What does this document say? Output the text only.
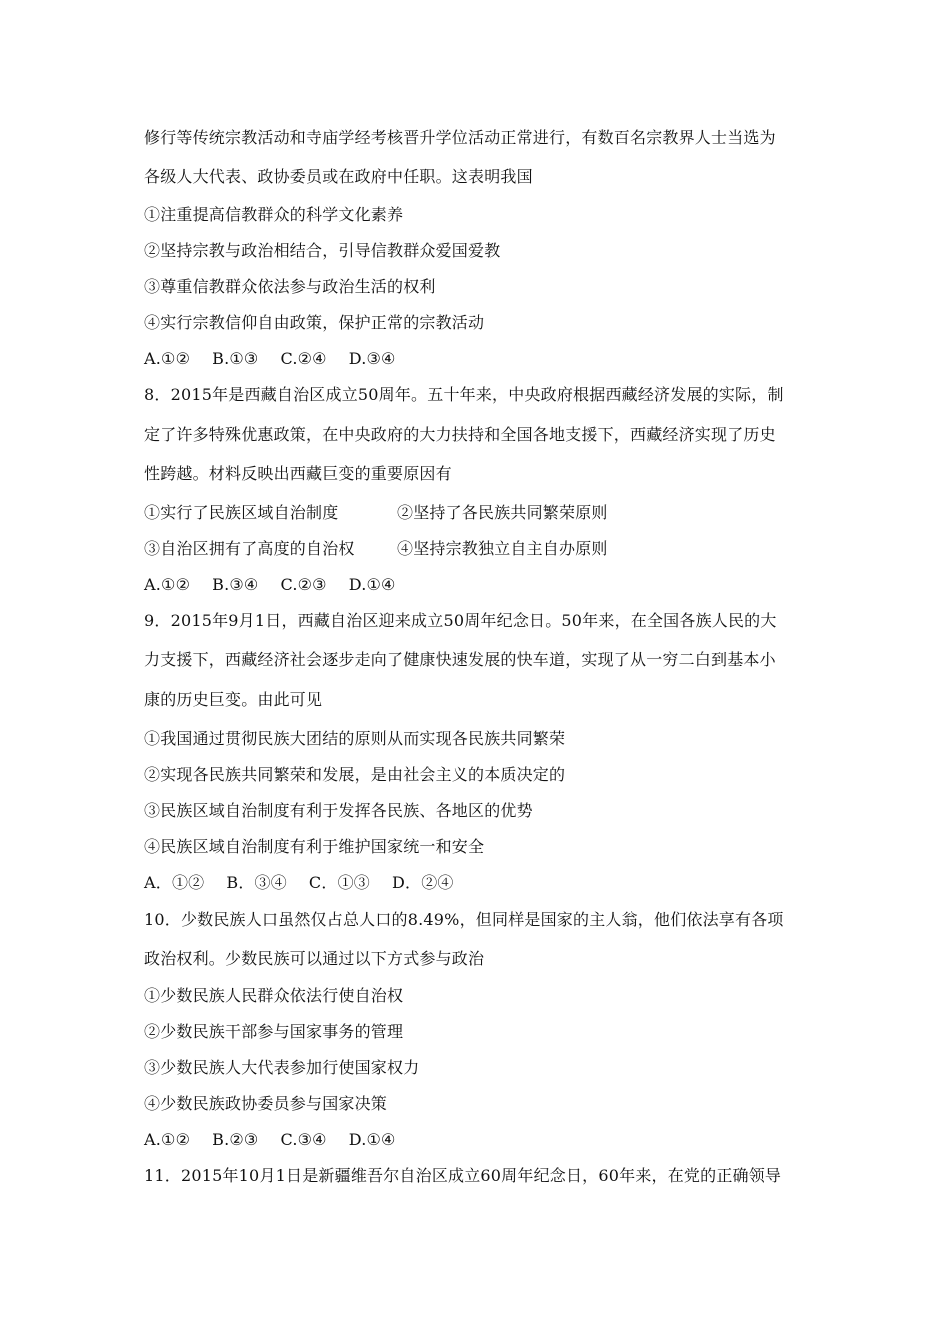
修行等传统宗教活动和寺庙学经考核晋升学位活动正常进行，有数百名宗教界人士当选为
各级人大代表、政协委员或在政府中任职。这表明我国
①注重提高信教群众的科学文化素养
②坚持宗教与政治相结合，引导信教群众爱国爱教
③尊重信教群众依法参与政治生活的权利
④实行宗教信仰自由政策，保护正常的宗教活动
A.①② B.①③ C.②④ D.③④
8．2015年是西藏自治区成立50周年。五十年来，中央政府根据西藏经济发展的实际，制
定了许多特殊优惠政策，在中央政府的大力扶持和全国各地支援下，西藏经济实现了历史
性跨越。材料反映出西藏巨变的重要原因有
①实行了民族区域自治制度	②坚持了各民族共同繁荣原则
③自治区拥有了高度的自治权	④坚持宗教独立自主自办原则
A.①② B.③④ C.②③ D.①④
9．2015年9月1日，西藏自治区迎来成立50周年纪念日。50年来，在全国各族人民的大
力支援下，西藏经济社会逐步走向了健康快速发展的快车道，实现了从一穷二白到基本小
康的历史巨变。由此可见
①我国通过贯彻民族大团结的原则从而实现各民族共同繁荣
②实现各民族共同繁荣和发展，是由社会主义的本质决定的
③民族区域自治制度有利于发挥各民族、各地区的优势
④民族区域自治制度有利于维护国家统一和安全
A．①② B．③④ C．①③ D．②④
10．少数民族人口虽然仅占总人口的8.49%，但同样是国家的主人翁，他们依法享有各项
政治权利。少数民族可以通过以下方式参与政治
①少数民族人民群众依法行使自治权
②少数民族干部参与国家事务的管理
③少数民族人大代表参加行使国家权力
④少数民族政协委员参与国家决策
A.①② B.②③ C.③④ D.①④
11．2015年10月1日是新疆维吾尔自治区成立60周年纪念日，60年来，在党的正确领导
